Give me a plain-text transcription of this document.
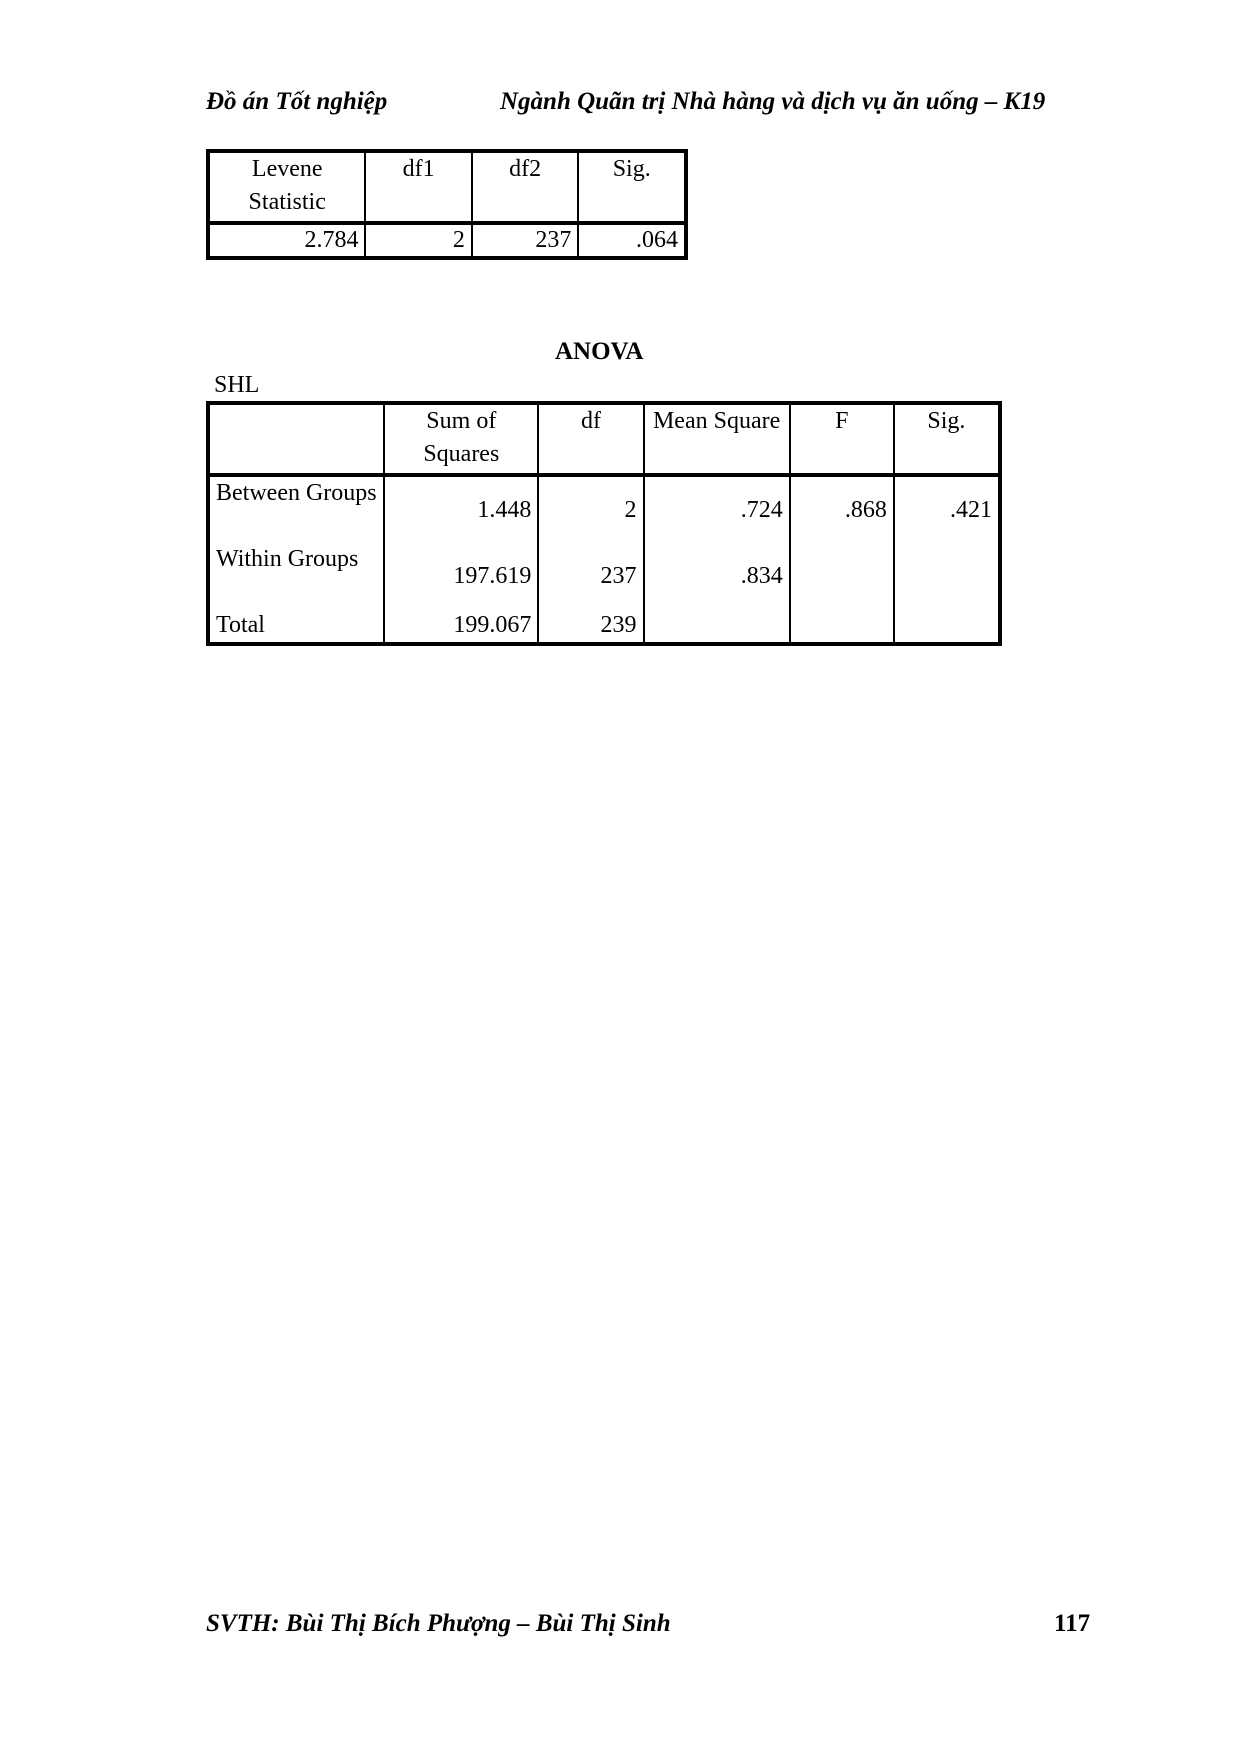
Đồ án Tốt nghiệp	Ngành Quãn trị Nhà hàng và dịch vụ ăn uống – K19
Levene Statistic	df1	df2	Sig.
2.784	2	237	.064
ANOVA
SHL
	Sum of Squares	df	Mean Square	F	Sig.
Between Groups	1.448	2	.724	.868	.421
Within Groups	197.619	237	.834		
Total	199.067	239			
SVTH: Bùi Thị Bích Phượng – Bùi Thị Sinh	117
